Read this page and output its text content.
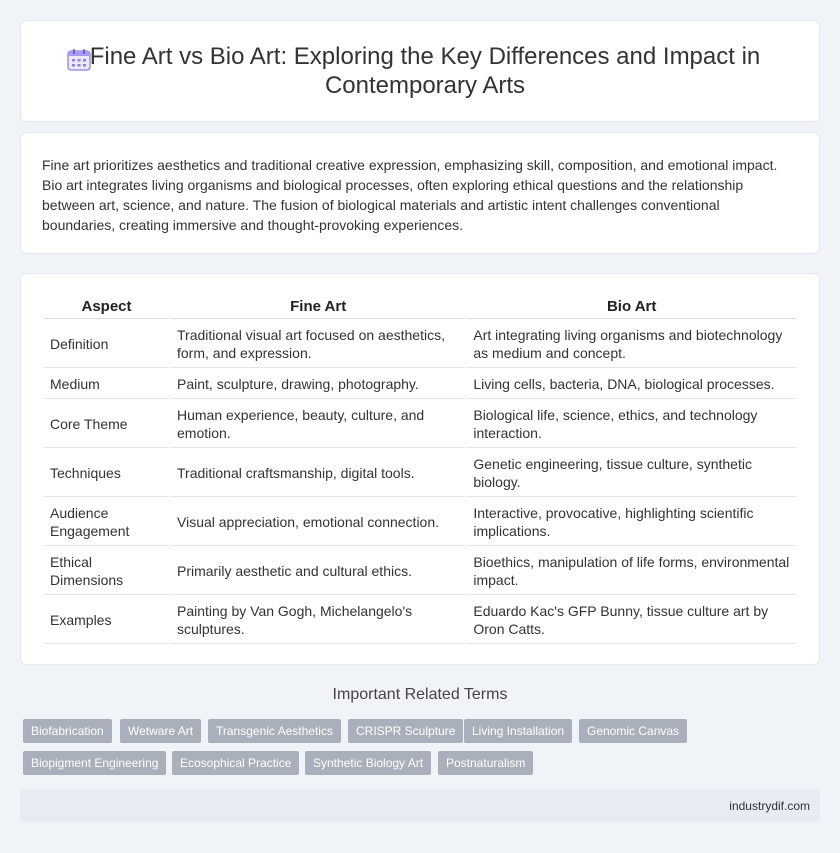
Fine Art vs Bio Art: Exploring the Key Differences and Impact in Contemporary Arts

Fine art prioritizes aesthetics and traditional creative expression, emphasizing skill, composition, and emotional impact. Bio art integrates living organisms and biological processes, often exploring ethical questions and the relationship between art, science, and nature. The fusion of biological materials and artistic intent challenges conventional boundaries, creating immersive and thought-provoking experiences.

Aspect	Fine Art	Bio Art
Definition	Traditional visual art focused on aesthetics, form, and expression.	Art integrating living organisms and biotechnology as medium and concept.
Medium	Paint, sculpture, drawing, photography.	Living cells, bacteria, DNA, biological processes.
Core Theme	Human experience, beauty, culture, and emotion.	Biological life, science, ethics, and technology interaction.
Techniques	Traditional craftsmanship, digital tools.	Genetic engineering, tissue culture, synthetic biology.
Audience Engagement	Visual appreciation, emotional connection.	Interactive, provocative, highlighting scientific implications.
Ethical Dimensions	Primarily aesthetic and cultural ethics.	Bioethics, manipulation of life forms, environmental impact.
Examples	Painting by Van Gogh, Michelangelo's sculptures.	Eduardo Kac's GFP Bunny, tissue culture art by Oron Catts.
Important Related Terms
Biofabrication	Wetware Art	Transgenic Aesthetics	CRISPR Sculpture	Living Installation	Genomic Canvas
Biopigment Engineering	Ecosophical Practice	Synthetic Biology Art	Postnaturalism
industrydif.com
